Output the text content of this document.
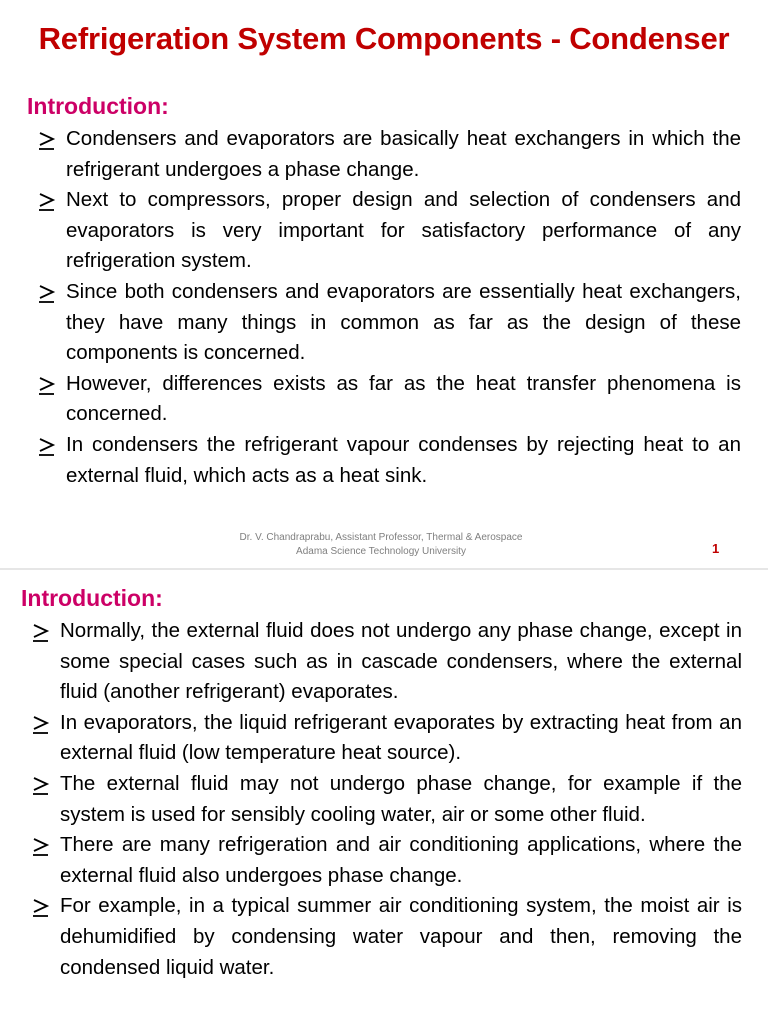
Refrigeration System Components - Condenser
Introduction:
Condensers and evaporators are basically heat exchangers in which the refrigerant undergoes a phase change.
Next to compressors, proper design and selection of condensers and evaporators is very important for satisfactory performance of any refrigeration system.
Since both condensers and evaporators are essentially heat exchangers, they have many things in common as far as the design of these components is concerned.
However, differences exists as far as the heat transfer phenomena is concerned.
In condensers the refrigerant vapour condenses by rejecting heat to an external fluid, which acts as a heat sink.
Dr. V. Chandraprabu, Assistant Professor, Thermal & Aerospace
Adama Science Technology University	1
Introduction:
Normally, the external fluid does not undergo any phase change, except in some special cases such as in cascade condensers, where the external fluid (another refrigerant) evaporates.
In evaporators, the liquid refrigerant evaporates by extracting heat from an external fluid (low temperature heat source).
The external fluid may not undergo phase change, for example if the system is used for sensibly cooling water, air or some other fluid.
There are many refrigeration and air conditioning applications, where the external fluid also undergoes phase change.
For example, in a typical summer air conditioning system, the moist air is dehumidified by condensing water vapour and then, removing the condensed liquid water.
